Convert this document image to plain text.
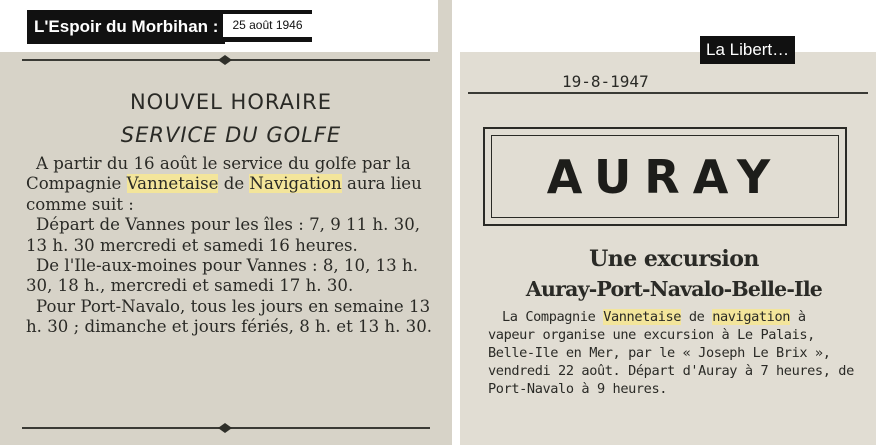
NOUVEL HORAIRE
SERVICE DU GOLFE

A partir du 16 août le service du golfe par la Compagnie Vannetaise de Navigation aura lieu comme suit :

Départ de Vannes pour les îles : 7, 9 11 h. 30, 13 h. 30 mercredi et samedi 16 heures.

De l'Ile-aux-moines pour Vannes : 8, 10, 13 h. 30, 18 h., mercredi et samedi 17 h. 30.

Pour Port-Navalo, tous les jours en semaine 13 h. 30 ; dimanche et jours fériés, 8 h. et 13 h. 30.

L'Espoir du Morbihan :	25 août 1946
La Libert…
19-8-1947
AURAY
Une excursion
Auray-Port-Navalo-Belle-Ile

La Compagnie Vannetaise de navigation à vapeur organise une excursion à Le Palais, Belle-Ile en Mer, par le « Joseph Le Brix », vendredi 22 août. Départ d'Auray à 7 heures, de Port-Navalo à 9 heures.
